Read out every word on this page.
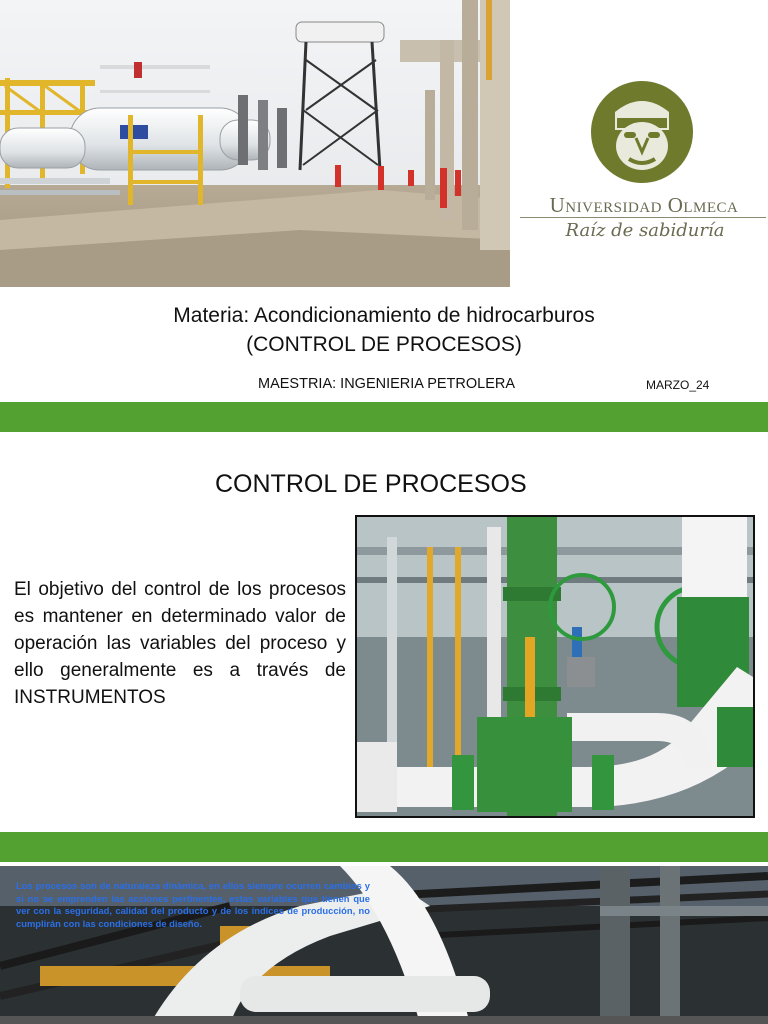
Universidad Olmeca
Raíz de sabiduría
Materia: Acondicionamiento de hidrocarburos
(CONTROL DE PROCESOS)
MAESTRIA: INGENIERIA PETROLERA	MARZO_24
CONTROL DE PROCESOS
El objetivo del control de los procesos es mantener en determinado valor de operación las variables del proceso y ello generalmente es a través de INSTRUMENTOS
Los procesos son de naturaleza dinámica, en ellos siempre ocurren cambios y si no se emprenden las acciones pertinentes, estas variables que tienen que ver con la seguridad, calidad del producto y de los índices de producción, no cumplirán con las condiciones de diseño.
